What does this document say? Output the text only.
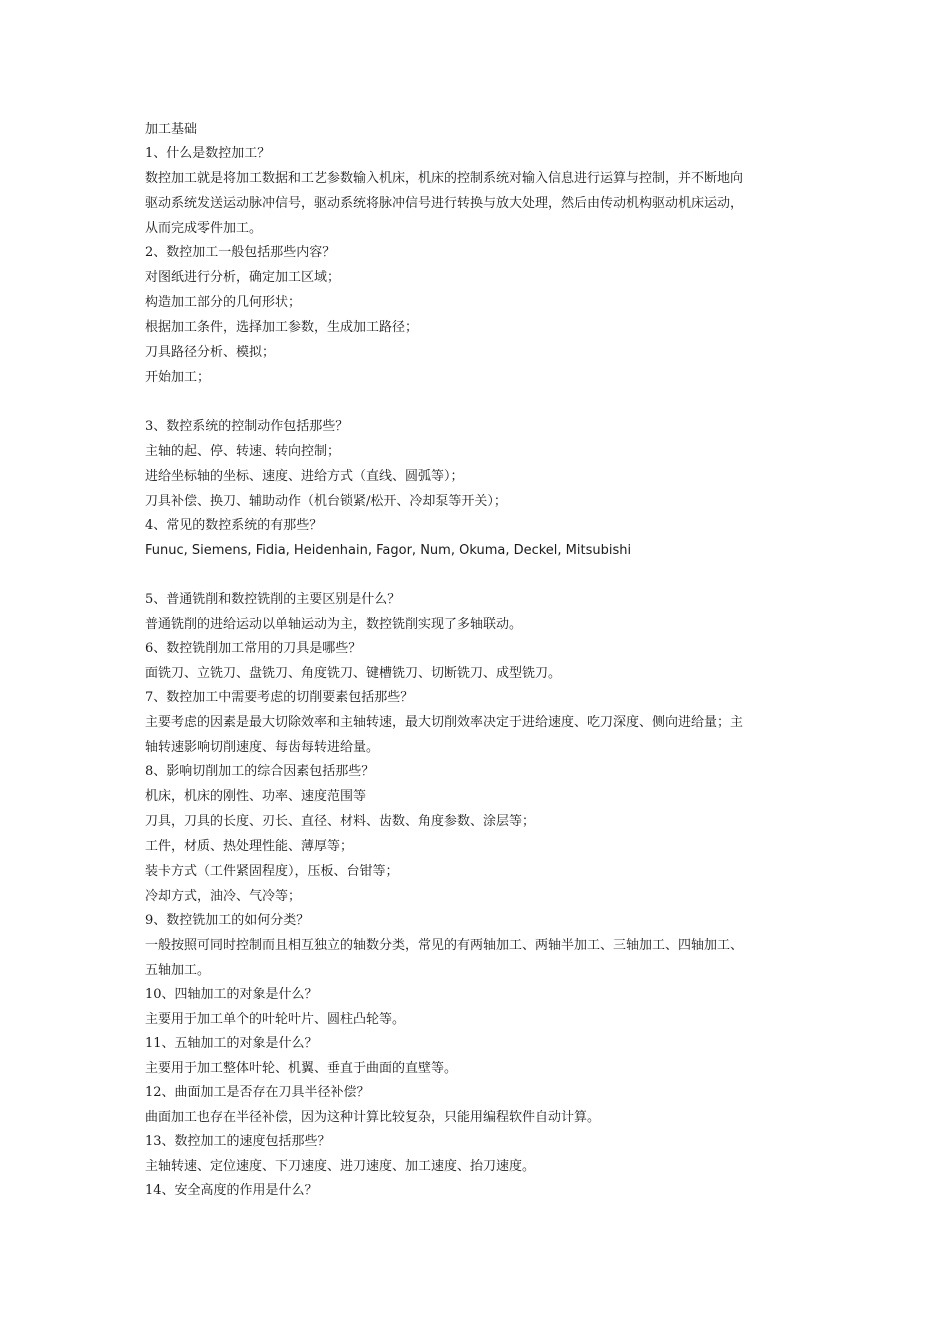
加工基础
1、什么是数控加工？
数控加工就是将加工数据和工艺参数输入机床，机床的控制系统对输入信息进行运算与控制，并不断地向
驱动系统发送运动脉冲信号，驱动系统将脉冲信号进行转换与放大处理，然后由传动机构驱动机床运动，
从而完成零件加工。
2、数控加工一般包括那些内容？
对图纸进行分析，确定加工区域；
构造加工部分的几何形状；
根据加工条件，选择加工参数，生成加工路径；
刀具路径分析、模拟；
开始加工；
3、数控系统的控制动作包括那些？
主轴的起、停、转速、转向控制；
进给坐标轴的坐标、速度、进给方式（直线、圆弧等）；
刀具补偿、换刀、辅助动作（机台锁紧/松开、冷却泵等开关）；
4、常见的数控系统的有那些？
Funuc, Siemens, Fidia, Heidenhain, Fagor, Num, Okuma, Deckel, Mitsubishi
5、普通铣削和数控铣削的主要区别是什么？
普通铣削的进给运动以单轴运动为主，数控铣削实现了多轴联动。
6、数控铣削加工常用的刀具是哪些？
面铣刀、立铣刀、盘铣刀、角度铣刀、键槽铣刀、切断铣刀、成型铣刀。
7、数控加工中需要考虑的切削要素包括那些？
主要考虑的因素是最大切除效率和主轴转速，最大切削效率决定于进给速度、吃刀深度、侧向进给量；主
轴转速影响切削速度、每齿每转进给量。
8、影响切削加工的综合因素包括那些？
机床，机床的刚性、功率、速度范围等
刀具，刀具的长度、刃长、直径、材料、齿数、角度参数、涂层等；
工件，材质、热处理性能、薄厚等；
装卡方式（工件紧固程度），压板、台钳等；
冷却方式，油冷、气冷等；
9、数控铣加工的如何分类？
一般按照可同时控制而且相互独立的轴数分类，常见的有两轴加工、两轴半加工、三轴加工、四轴加工、
五轴加工。
10、四轴加工的对象是什么？
主要用于加工单个的叶轮叶片、圆柱凸轮等。
11、五轴加工的对象是什么？
主要用于加工整体叶轮、机翼、垂直于曲面的直壁等。
12、曲面加工是否存在刀具半径补偿？
曲面加工也存在半径补偿，因为这种计算比较复杂，只能用编程软件自动计算。
13、数控加工的速度包括那些？
主轴转速、定位速度、下刀速度、进刀速度、加工速度、抬刀速度。
14、安全高度的作用是什么？
